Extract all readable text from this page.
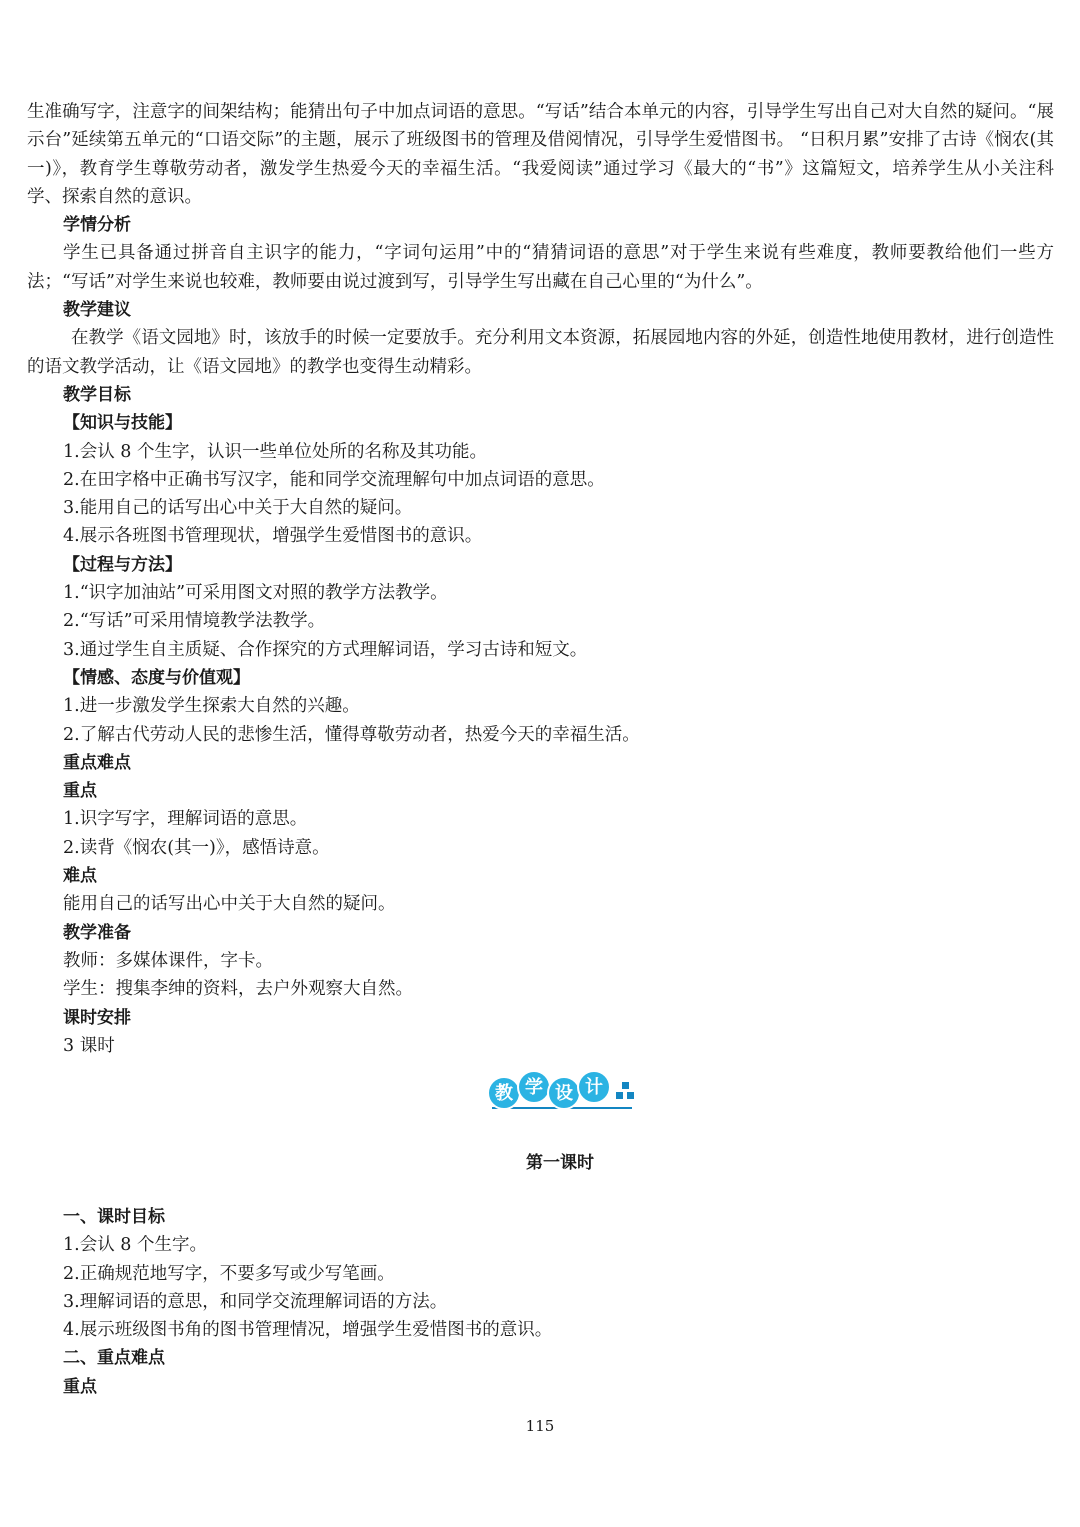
生准确写字，注意字的间架结构；能猜出句子中加点词语的意思。“写话”结合本单元的内容，引导学生写出自己对大自然的疑问。“展示台”延续第五单元的“口语交际”的主题，展示了班级图书的管理及借阅情况，引导学生爱惜图书。 “日积月累”安排了古诗《悯农(其一)》，教育学生尊敬劳动者，激发学生热爱今天的幸福生活。“我爱阅读”通过学习《最大的“书”》这篇短文，培养学生从小关注科学、探索自然的意识。

学情分析

学生已具备通过拼音自主识字的能力，“字词句运用”中的“猜猜词语的意思”对于学生来说有些难度，教师要教给他们一些方法；“写话”对学生来说也较难，教师要由说过渡到写，引导学生写出藏在自己心里的“为什么”。

教学建议

在教学《语文园地》时，该放手的时候一定要放手。充分利用文本资源，拓展园地内容的外延，创造性地使用教材，进行创造性的语文教学活动，让《语文园地》的教学也变得生动精彩。

教学目标

【知识与技能】

1.会认 8 个生字，认识一些单位处所的名称及其功能。

2.在田字格中正确书写汉字，能和同学交流理解句中加点词语的意思。

3.能用自己的话写出心中关于大自然的疑问。

4.展示各班图书管理现状，增强学生爱惜图书的意识。

【过程与方法】

1.“识字加油站”可采用图文对照的教学方法教学。

2.“写话”可采用情境教学法教学。

3.通过学生自主质疑、合作探究的方式理解词语，学习古诗和短文。

【情感、态度与价值观】

1.进一步激发学生探索大自然的兴趣。

2.了解古代劳动人民的悲惨生活，懂得尊敬劳动者，热爱今天的幸福生活。

重点难点

重点

1.识字写字，理解词语的意思。

2.读背《悯农(其一)》，感悟诗意。

难点

能用自己的话写出心中关于大自然的疑问。

教学准备

教师：多媒体课件，字卡。

学生：搜集李绅的资料，去户外观察大自然。

课时安排

3 课时

教 学 设 计

第一课时

一、课时目标

1.会认 8 个生字。

2.正确规范地写字，不要多写或少写笔画。

3.理解词语的意思，和同学交流理解词语的方法。

4.展示班级图书角的图书管理情况，增强学生爱惜图书的意识。

二、重点难点

重点

115
